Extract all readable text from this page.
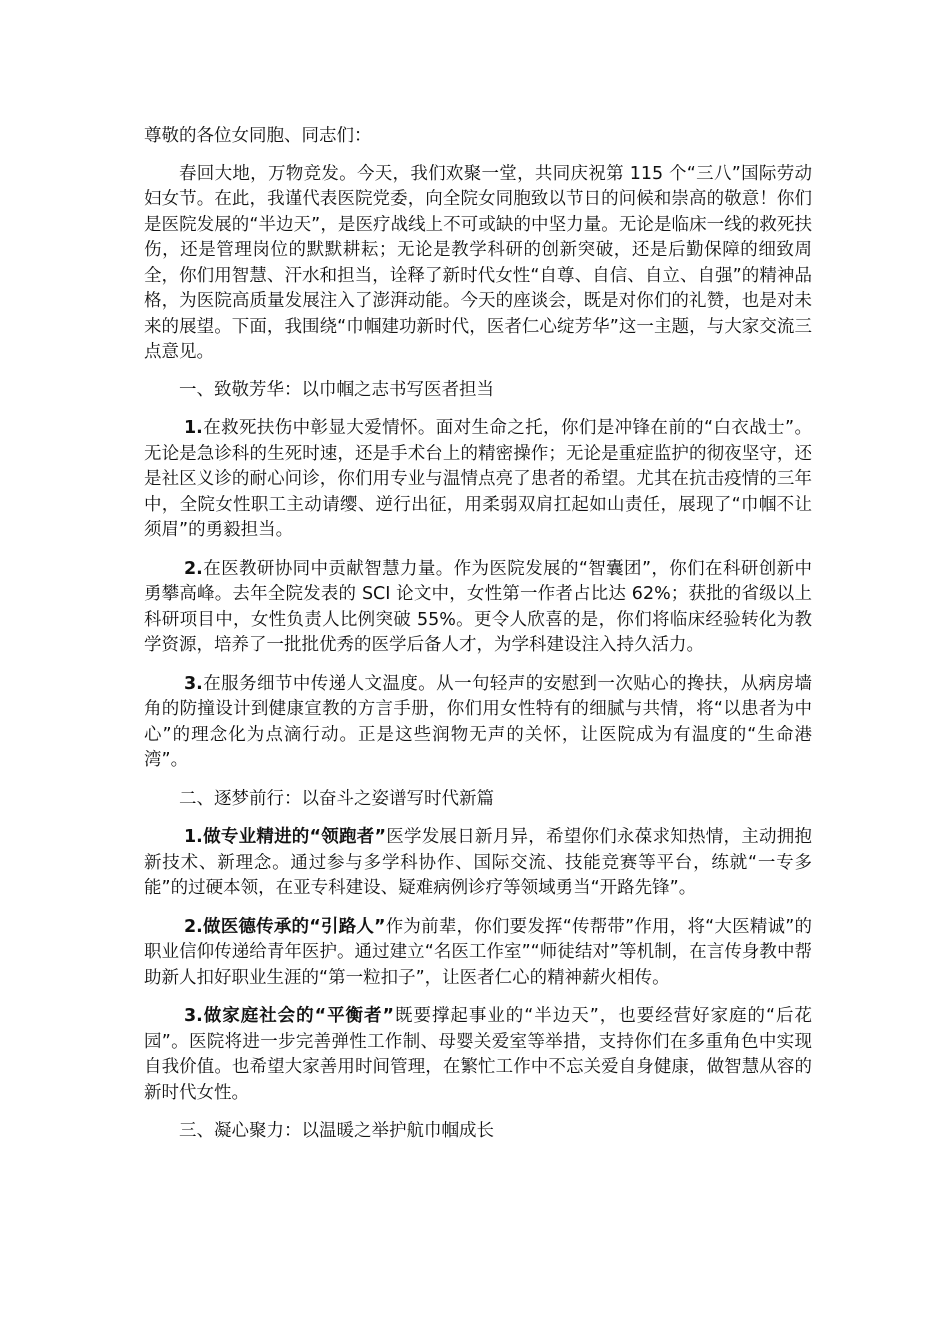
尊敬的各位女同胞、同志们：

春回大地，万物竞发。今天，我们欢聚一堂，共同庆祝第 115 个“三八”国际劳动妇女节。在此，我谨代表医院党委，向全院女同胞致以节日的问候和崇高的敬意！你们是医院发展的“半边天”，是医疗战线上不可或缺的中坚力量。无论是临床一线的救死扶伤，还是管理岗位的默默耕耘；无论是教学科研的创新突破，还是后勤保障的细致周全，你们用智慧、汗水和担当，诠释了新时代女性“自尊、自信、自立、自强”的精神品格，为医院高质量发展注入了澎湃动能。今天的座谈会，既是对你们的礼赞，也是对未来的展望。下面，我围绕“巾帼建功新时代，医者仁心绽芳华”这一主题，与大家交流三点意见。

一、致敬芳华：以巾帼之志书写医者担当

1.在救死扶伤中彰显大爱情怀。面对生命之托，你们是冲锋在前的“白衣战士”。无论是急诊科的生死时速，还是手术台上的精密操作；无论是重症监护的彻夜坚守，还是社区义诊的耐心问诊，你们用专业与温情点亮了患者的希望。尤其在抗击疫情的三年中，全院女性职工主动请缨、逆行出征，用柔弱双肩扛起如山责任，展现了“巾帼不让须眉”的勇毅担当。

2.在医教研协同中贡献智慧力量。作为医院发展的“智囊团”，你们在科研创新中勇攀高峰。去年全院发表的 SCI 论文中，女性第一作者占比达 62%；获批的省级以上科研项目中，女性负责人比例突破 55%。更令人欣喜的是，你们将临床经验转化为教学资源，培养了一批批优秀的医学后备人才，为学科建设注入持久活力。

3.在服务细节中传递人文温度。从一句轻声的安慰到一次贴心的搀扶，从病房墙角的防撞设计到健康宣教的方言手册，你们用女性特有的细腻与共情，将“以患者为中心”的理念化为点滴行动。正是这些润物无声的关怀，让医院成为有温度的“生命港湾”。

二、逐梦前行：以奋斗之姿谱写时代新篇

1.做专业精进的“领跑者”医学发展日新月异，希望你们永葆求知热情，主动拥抱新技术、新理念。通过参与多学科协作、国际交流、技能竞赛等平台，练就“一专多能”的过硬本领，在亚专科建设、疑难病例诊疗等领域勇当“开路先锋”。

2.做医德传承的“引路人”作为前辈，你们要发挥“传帮带”作用，将“大医精诚”的职业信仰传递给青年医护。通过建立“名医工作室”“师徒结对”等机制，在言传身教中帮助新人扣好职业生涯的“第一粒扣子”，让医者仁心的精神薪火相传。

3.做家庭社会的“平衡者”既要撑起事业的“半边天”，也要经营好家庭的“后花园”。医院将进一步完善弹性工作制、母婴关爱室等举措，支持你们在多重角色中实现自我价值。也希望大家善用时间管理，在繁忙工作中不忘关爱自身健康，做智慧从容的新时代女性。

三、凝心聚力：以温暖之举护航巾帼成长
